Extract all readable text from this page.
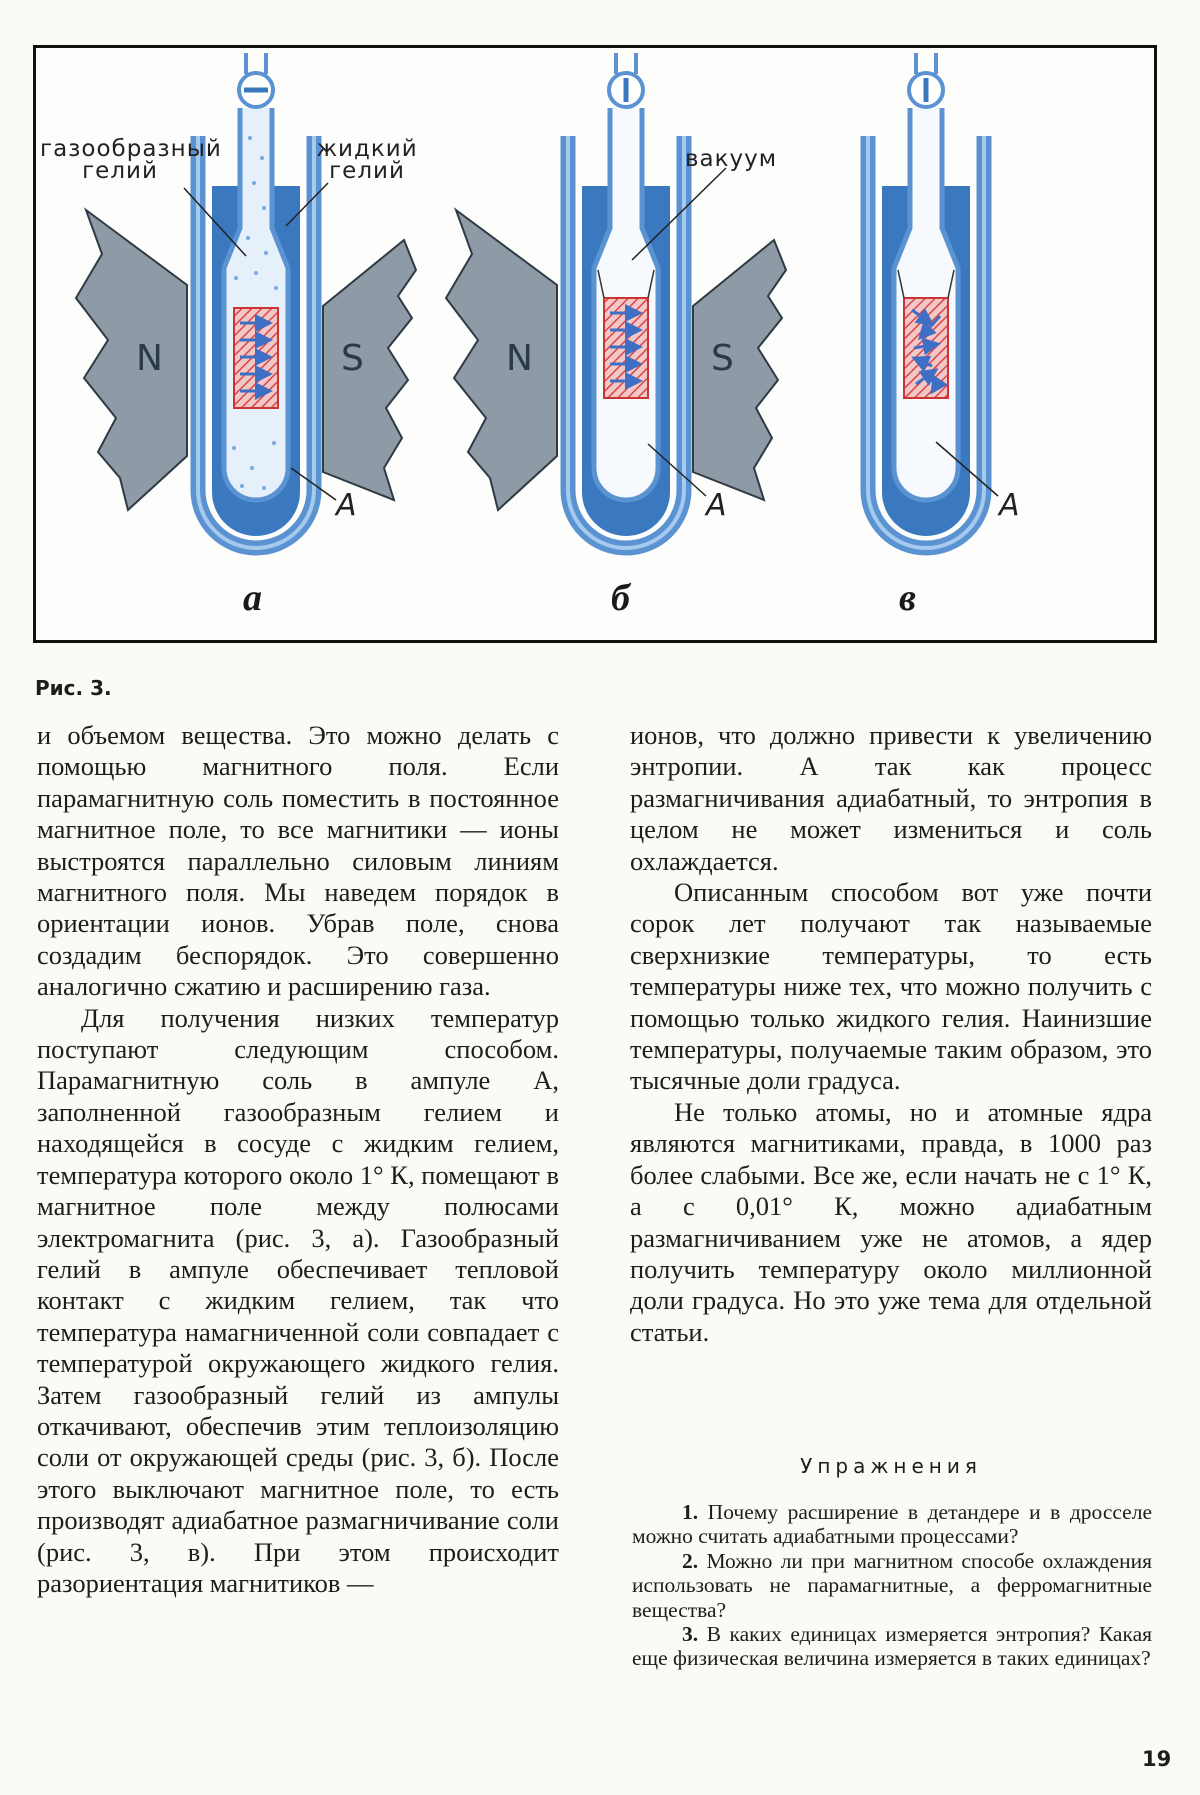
газообразный гелий
жидкий гелий	вакуум
N	S	N	S
A	A	A
а	б	в
Рис. 3.

и объемом вещества. Это можно делать с помощью магнитного поля. Если парамагнитную соль поместить в постоянное магнитное поле, то все магнитики — ионы выстроятся параллельно силовым линиям магнитного поля. Мы наведем порядок в ориентации ионов. Убрав поле, снова создадим беспорядок. Это совершенно аналогично сжатию и расширению газа.

Для получения низких температур поступают следующим способом. Парамагнитную соль в ампуле A, заполненной газообразным гелием и находящейся в сосуде с жидким гелием, температура которого около 1° К, помещают в магнитное поле между полюсами электромагнита (рис. 3, а). Газообразный гелий в ампуле обеспечивает тепловой контакт с жидким гелием, так что температура намагниченной соли совпадает с температурой окружающего жидкого гелия. Затем газообразный гелий из ампулы откачивают, обеспечив этим теплоизоляцию соли от окружающей среды (рис. 3, б). После этого выключают магнитное поле, то есть производят адиабатное размагничивание соли (рис. 3, в). При этом происходит разориентация магнитиков —

ионов, что должно привести к увеличению энтропии. А так как процесс размагничивания адиабатный, то энтропия в целом не может измениться и соль охлаждается.

Описанным способом вот уже почти сорок лет получают так называемые сверхнизкие температуры, то есть температуры ниже тех, что можно получить с помощью только жидкого гелия. Наинизшие температуры, получаемые таким образом, это тысячные доли градуса.

Не только атомы, но и атомные ядра являются магнитиками, правда, в 1000 раз более слабыми. Все же, если начать не с 1° К, а с 0,01° К, можно адиабатным размагничиванием уже не атомов, а ядер получить температуру около миллионной доли градуса. Но это уже тема для отдельной статьи.

Упражнения

1. Почему расширение в детандере и в дросселе можно считать адиабатными процессами?

2. Можно ли при магнитном способе охлаждения использовать не парамагнитные, а ферромагнитные вещества?

3. В каких единицах измеряется энтропия? Какая еще физическая величина измеряется в таких единицах?

19
